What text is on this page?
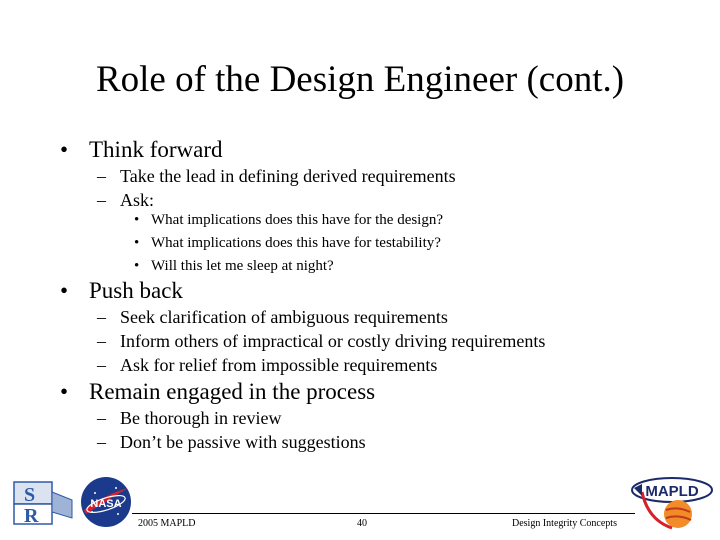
Role of the Design Engineer (cont.)
• Think forward
– Take the lead in defining derived requirements
– Ask:
• What implications does this have for the design?
• What implications does this have for testability?
• Will this let me sleep at night?
• Push back
– Seek clarification of ambiguous requirements
– Inform others of impractical or costly driving requirements
– Ask for relief from impossible requirements
• Remain engaged in the process
– Be thorough in review
– Don’t be passive with suggestions
S
R
NASA
MAPLD
2005 MAPLD	40	Design Integrity Concepts
